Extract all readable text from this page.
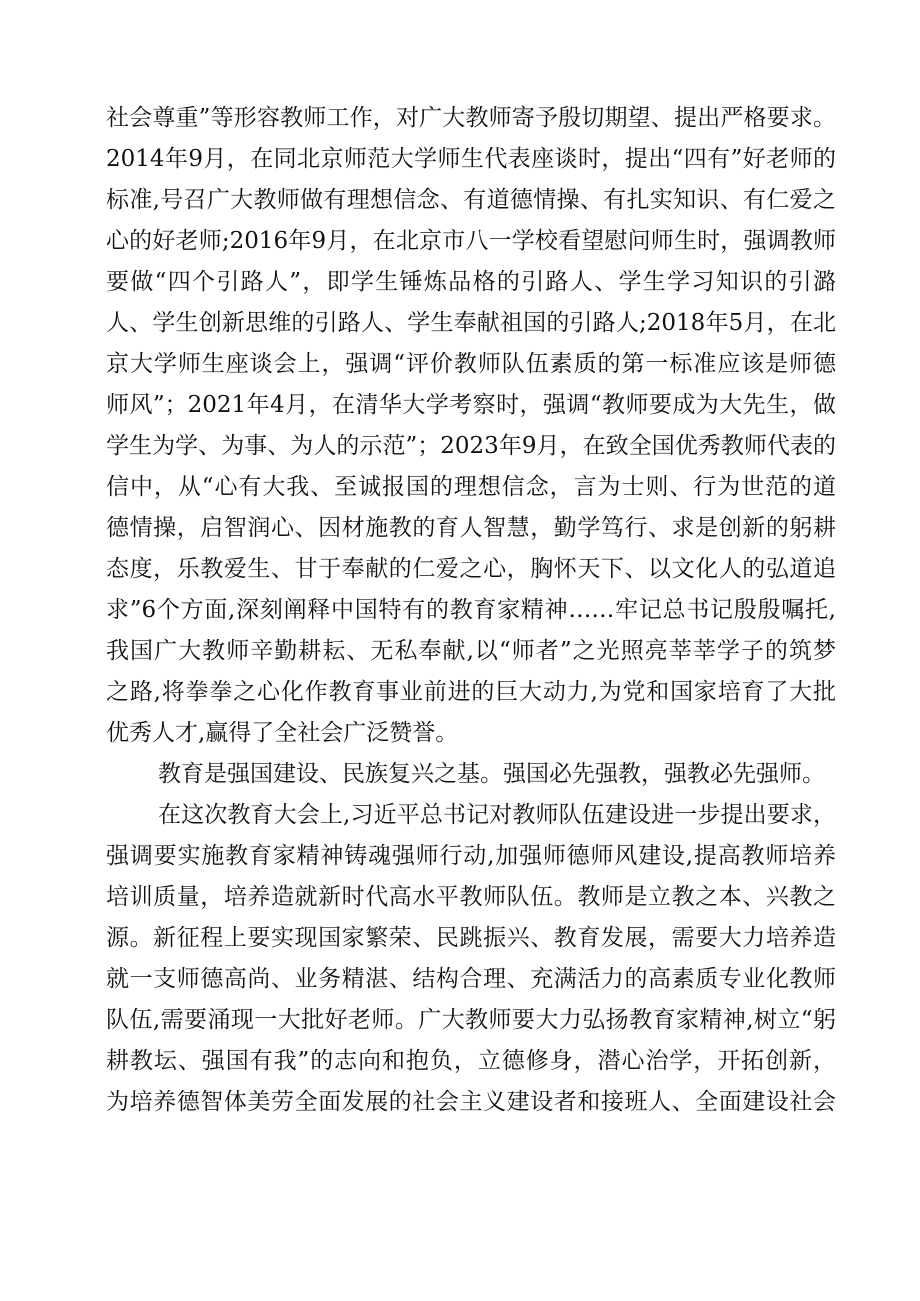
社会尊重”等形容教师工作，对广大教师寄予殷切期望、提出严格要求。
2014年9月，在同北京师范大学师生代表座谈时，提出“四有”好老师的
标准,号召广大教师做有理想信念、有道德情操、有扎实知识、有仁爱之
心的好老师;2016年9月，在北京市八一学校看望慰问师生时，强调教师
要做“四个引路人”，即学生锤炼品格的引路人、学生学习知识的引潞
人、学生创新思维的引路人、学生奉献祖国的引路人;2018年5月，在北
京大学师生座谈会上，强调“评价教师队伍素质的第一标准应该是师德
师风”；2021年4月，在清华大学考察时，强调“教师要成为大先生，做
学生为学、为事、为人的示范”；2023年9月，在致全国优秀教师代表的
信中，从“心有大我、至诚报国的理想信念，言为士则、行为世范的道
德情操，启智润心、因材施教的育人智慧，勤学笃行、求是创新的躬耕
态度，乐教爱生、甘于奉献的仁爱之心，胸怀天下、以文化人的弘道追
求”6个方面,深刻阐释中国特有的教育家精神……牢记总书记殷殷嘱托,
我国广大教师辛勤耕耘、无私奉献,以“师者”之光照亮莘莘学子的筑梦
之路,将拳拳之心化作教育事业前进的巨大动力,为党和国家培育了大批
优秀人才,赢得了全社会广泛赞誉。
教育是强国建设、民族复兴之基。强国必先强教，强教必先强师。
在这次教育大会上,习近平总书记对教师队伍建设进一步提出要求，
强调要实施教育家精神铸魂强师行动,加强师德师风建设,提高教师培养
培训质量，培养造就新时代高水平教师队伍。教师是立教之本、兴教之
源。新征程上要实现国家繁荣、民跳振兴、教育发展，需要大力培养造
就一支师德高尚、业务精湛、结构合理、充满活力的高素质专业化教师
队伍,需要涌现一大批好老师。广大教师要大力弘扬教育家精神,树立“躬
耕教坛、强国有我”的志向和抱负，立德修身，潜心治学，开拓创新，
为培养德智体美劳全面发展的社会主义建设者和接班人、全面建设社会
